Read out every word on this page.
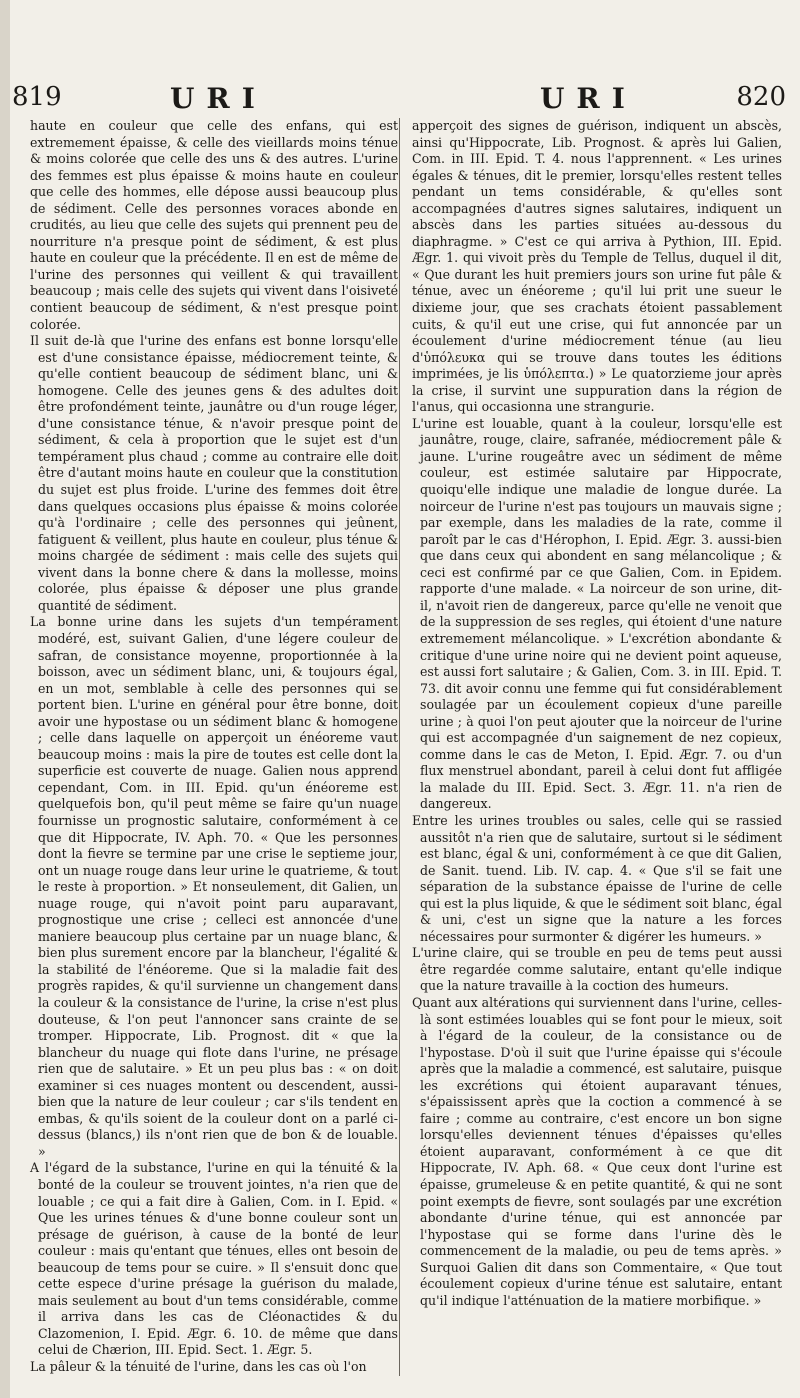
819	URI	URI	820

haute en couleur que celle des enfans, qui est extremement épaisse, & celle des vieillards moins ténue & moins colorée que celle des uns & des autres. L'urine des femmes est plus épaisse & moins haute en couleur que celle des hommes, elle dépose aussi beaucoup plus de sédiment. Celle des personnes voraces abonde en crudités, au lieu que celle des sujets qui prennent peu de nourriture n'a presque point de sédiment, & est plus haute en couleur que la précédente. Il en est de même de l'urine des personnes qui veillent & qui travaillent beaucoup ; mais celle des sujets qui vivent dans l'oisiveté contient beaucoup de sédiment, & n'est presque point colorée.

Il suit de-là que l'urine des enfans est bonne lorsqu'elle est d'une consistance épaisse, médiocrement teinte, & qu'elle contient beaucoup de sédiment blanc, uni & homogene. Celle des jeunes gens & des adultes doit être profondément teinte, jaunâtre ou d'un rouge léger, d'une consistance ténue, & n'avoir presque point de sédiment, & cela à proportion que le sujet est d'un tempérament plus chaud ; comme au contraire elle doit être d'autant moins haute en couleur que la constitution du sujet est plus froide. L'urine des femmes doit être dans quelques occasions plus épaisse & moins colorée qu'à l'ordinaire ; celle des personnes qui jeûnent, fatiguent & veillent, plus haute en couleur, plus ténue & moins chargée de sédiment : mais celle des sujets qui vivent dans la bonne chere & dans la mollesse, moins colorée, plus épaisse & déposer une plus grande quantité de sédiment.

La bonne urine dans les sujets d'un tempérament modéré, est, suivant Galien, d'une légere couleur de safran, de consistance moyenne, proportionnée à la boisson, avec un sédiment blanc, uni, & toujours égal, en un mot, semblable à celle des personnes qui se portent bien. L'urine en général pour être bonne, doit avoir une hypostase ou un sédiment blanc & homogene ; celle dans laquelle on apperçoit un énéoreme vaut beaucoup moins : mais la pire de toutes est celle dont la superficie est couverte de nuage. Galien nous apprend cependant, Com. in III. Epid. qu'un énéoreme est quelquefois bon, qu'il peut même se faire qu'un nuage fournisse un prognostic salutaire, conformément à ce que dit Hippocrate, IV. Aph. 70. « Que les personnes dont la fievre se termine par une crise le septieme jour, ont un nuage rouge dans leur urine le quatrieme, & tout le reste à proportion. » Et nonseulement, dit Galien, un nuage rouge, qui n'avoit point paru auparavant, prognostique une crise ; celleci est annoncée d'une maniere beaucoup plus certaine par un nuage blanc, & bien plus surement encore par la blancheur, l'égalité & la stabilité de l'énéoreme. Que si la maladie fait des progrès rapides, & qu'il survienne un changement dans la couleur & la consistance de l'urine, la crise n'est plus douteuse, & l'on peut l'annoncer sans crainte de se tromper. Hippocrate, Lib. Prognost. dit « que la blancheur du nuage qui flote dans l'urine, ne présage rien que de salutaire. » Et un peu plus bas : « on doit examiner si ces nuages montent ou descendent, aussi-bien que la nature de leur couleur ; car s'ils tendent en embas, & qu'ils soient de la couleur dont on a parlé ci-dessus (blancs,) ils n'ont rien que de bon & de louable. »

A l'égard de la substance, l'urine en qui la ténuité & la bonté de la couleur se trouvent jointes, n'a rien que de louable ; ce qui a fait dire à Galien, Com. in I. Epid. « Que les urines ténues & d'une bonne couleur sont un présage de guérison, à cause de la bonté de leur couleur : mais qu'entant que ténues, elles ont besoin de beaucoup de tems pour se cuire. » Il s'ensuit donc que cette espece d'urine présage la guérison du malade, mais seulement au bout d'un tems considérable, comme il arriva dans les cas de Cléonactides & du Clazomenion, I. Epid. Ægr. 6. 10. de même que dans celui de Chærion, III. Epid. Sect. 1. Ægr. 5.

La pâleur & la ténuité de l'urine, dans les cas où l'on

apperçoit des signes de guérison, indiquent un abscès, ainsi qu'Hippocrate, Lib. Prognost. & après lui Galien, Com. in III. Epid. T. 4. nous l'apprennent. « Les urines égales & ténues, dit le premier, lorsqu'elles restent telles pendant un tems considérable, & qu'elles sont accompagnées d'autres signes salutaires, indiquent un abscès dans les parties situées au-dessous du diaphragme. » C'est ce qui arriva à Pythion, III. Epid. Ægr. 1. qui vivoit près du Temple de Tellus, duquel il dit, « Que durant les huit premiers jours son urine fut pâle & ténue, avec un énéoreme ; qu'il lui prit une sueur le dixieme jour, que ses crachats étoient passablement cuits, & qu'il eut une crise, qui fut annoncée par un écoulement d'urine médiocrement ténue (au lieu d'ὑπόλευκα qui se trouve dans toutes les éditions imprimées, je lis ὑπόλεπτα.) » Le quatorzieme jour après la crise, il survint une suppuration dans la région de l'anus, qui occasionna une strangurie.

L'urine est louable, quant à la couleur, lorsqu'elle est jaunâtre, rouge, claire, safranée, médiocrement pâle & jaune. L'urine rougeâtre avec un sédiment de même couleur, est estimée salutaire par Hippocrate, quoiqu'elle indique une maladie de longue durée. La noirceur de l'urine n'est pas toujours un mauvais signe ; par exemple, dans les maladies de la rate, comme il paroît par le cas d'Hérophon, I. Epid. Ægr. 3. aussi-bien que dans ceux qui abondent en sang mélancolique ; & ceci est confirmé par ce que Galien, Com. in Epidem. rapporte d'une malade. « La noirceur de son urine, dit-il, n'avoit rien de dangereux, parce qu'elle ne venoit que de la suppression de ses regles, qui étoient d'une nature extremement mélancolique. » L'excrétion abondante & critique d'une urine noire qui ne devient point aqueuse, est aussi fort salutaire ; & Galien, Com. 3. in III. Epid. T. 73. dit avoir connu une femme qui fut considérablement soulagée par un écoulement copieux d'une pareille urine ; à quoi l'on peut ajouter que la noirceur de l'urine qui est accompagnée d'un saignement de nez copieux, comme dans le cas de Meton, I. Epid. Ægr. 7. ou d'un flux menstruel abondant, pareil à celui dont fut affligée la malade du III. Epid. Sect. 3. Ægr. 11. n'a rien de dangereux.

Entre les urines troubles ou sales, celle qui se rassied aussitôt n'a rien que de salutaire, surtout si le sédiment est blanc, égal & uni, conformément à ce que dit Galien, de Sanit. tuend. Lib. IV. cap. 4. « Que s'il se fait une séparation de la substance épaisse de l'urine de celle qui est la plus liquide, & que le sédiment soit blanc, égal & uni, c'est un signe que la nature a les forces nécessaires pour surmonter & digérer les humeurs. »

L'urine claire, qui se trouble en peu de tems peut aussi être regardée comme salutaire, entant qu'elle indique que la nature travaille à la coction des humeurs.

Quant aux altérations qui surviennent dans l'urine, celles-là sont estimées louables qui se font pour le mieux, soit à l'égard de la couleur, de la consistance ou de l'hypostase. D'où il suit que l'urine épaisse qui s'écoule après que la maladie a commencé, est salutaire, puisque les excrétions qui étoient auparavant ténues, s'épaississent après que la coction a commencé à se faire ; comme au contraire, c'est encore un bon signe lorsqu'elles deviennent ténues d'épaisses qu'elles étoient auparavant, conformément à ce que dit Hippocrate, IV. Aph. 68. « Que ceux dont l'urine est épaisse, grumeleuse & en petite quantité, & qui ne sont point exempts de fievre, sont soulagés par une excrétion abondante d'urine ténue, qui est annoncée par l'hypostase qui se forme dans l'urine dès le commencement de la maladie, ou peu de tems après. » Surquoi Galien dit dans son Commentaire, « Que tout écoulement copieux d'urine ténue est salutaire, entant qu'il indique l'atténuation de la matiere morbifique. »
